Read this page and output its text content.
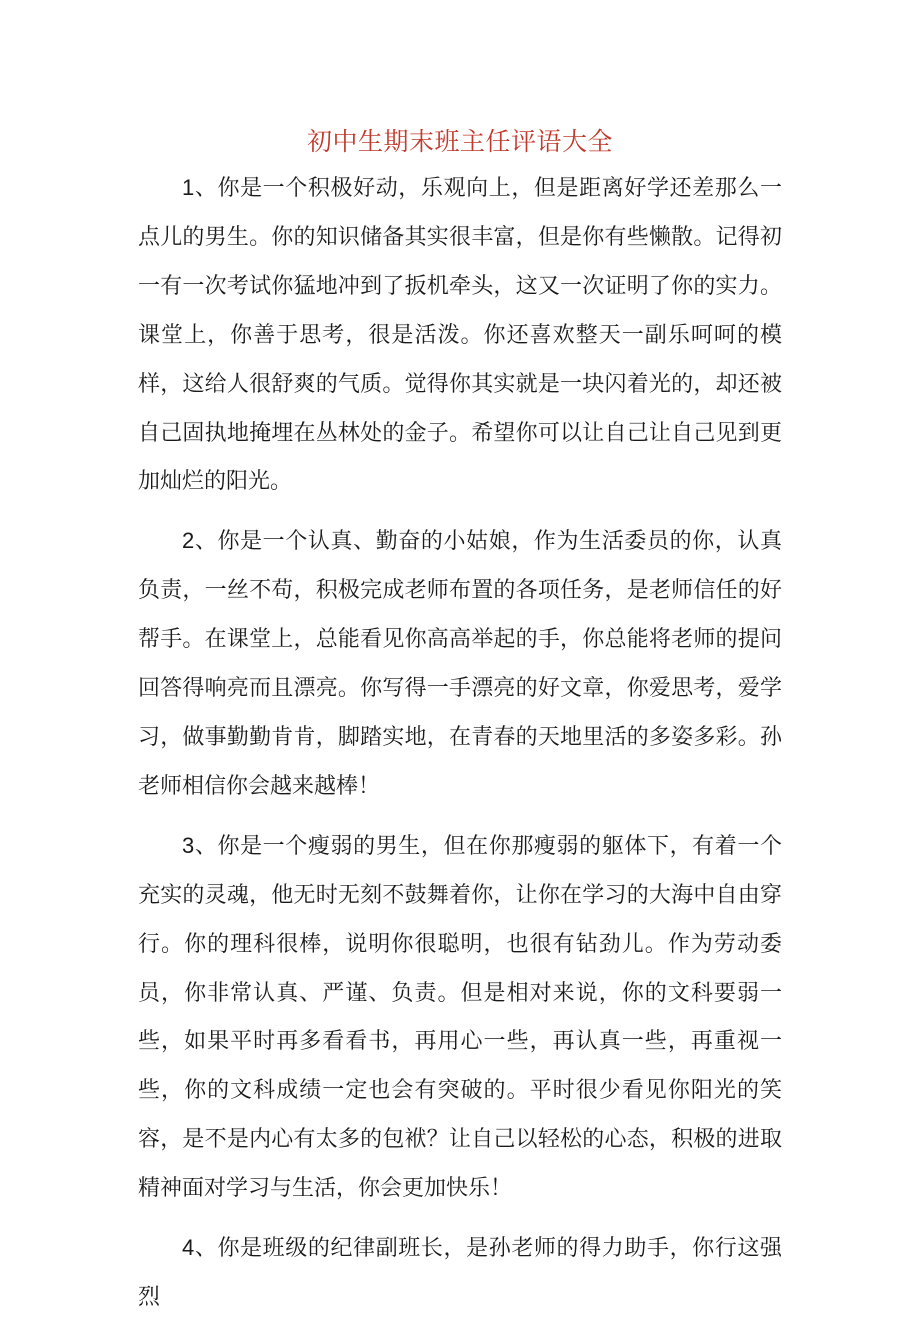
初中生期末班主任评语大全

1、你是一个积极好动，乐观向上，但是距离好学还差那么一点儿的男生。你的知识储备其实很丰富，但是你有些懒散。记得初一有一次考试你猛地冲到了扳机牵头，这又一次证明了你的实力。课堂上，你善于思考，很是活泼。你还喜欢整天一副乐呵呵的模样，这给人很舒爽的气质。觉得你其实就是一块闪着光的，却还被自己固执地掩埋在丛林处的金子。希望你可以让自己让自己见到更加灿烂的阳光。

2、你是一个认真、勤奋的小姑娘，作为生活委员的你，认真负责，一丝不苟，积极完成老师布置的各项任务，是老师信任的好帮手。在课堂上，总能看见你高高举起的手，你总能将老师的提问回答得响亮而且漂亮。你写得一手漂亮的好文章，你爱思考，爱学习，做事勤勤肯肯，脚踏实地，在青春的天地里活的多姿多彩。孙老师相信你会越来越棒！

3、你是一个瘦弱的男生，但在你那瘦弱的躯体下，有着一个充实的灵魂，他无时无刻不鼓舞着你，让你在学习的大海中自由穿行。你的理科很棒，说明你很聪明，也很有钻劲儿。作为劳动委员，你非常认真、严谨、负责。但是相对来说，你的文科要弱一些，如果平时再多看看书，再用心一些，再认真一些，再重视一些，你的文科成绩一定也会有突破的。平时很少看见你阳光的笑容，是不是内心有太多的包袱？让自己以轻松的心态，积极的进取精神面对学习与生活，你会更加快乐！

4、你是班级的纪律副班长，是孙老师的得力助手，你行这强烈
